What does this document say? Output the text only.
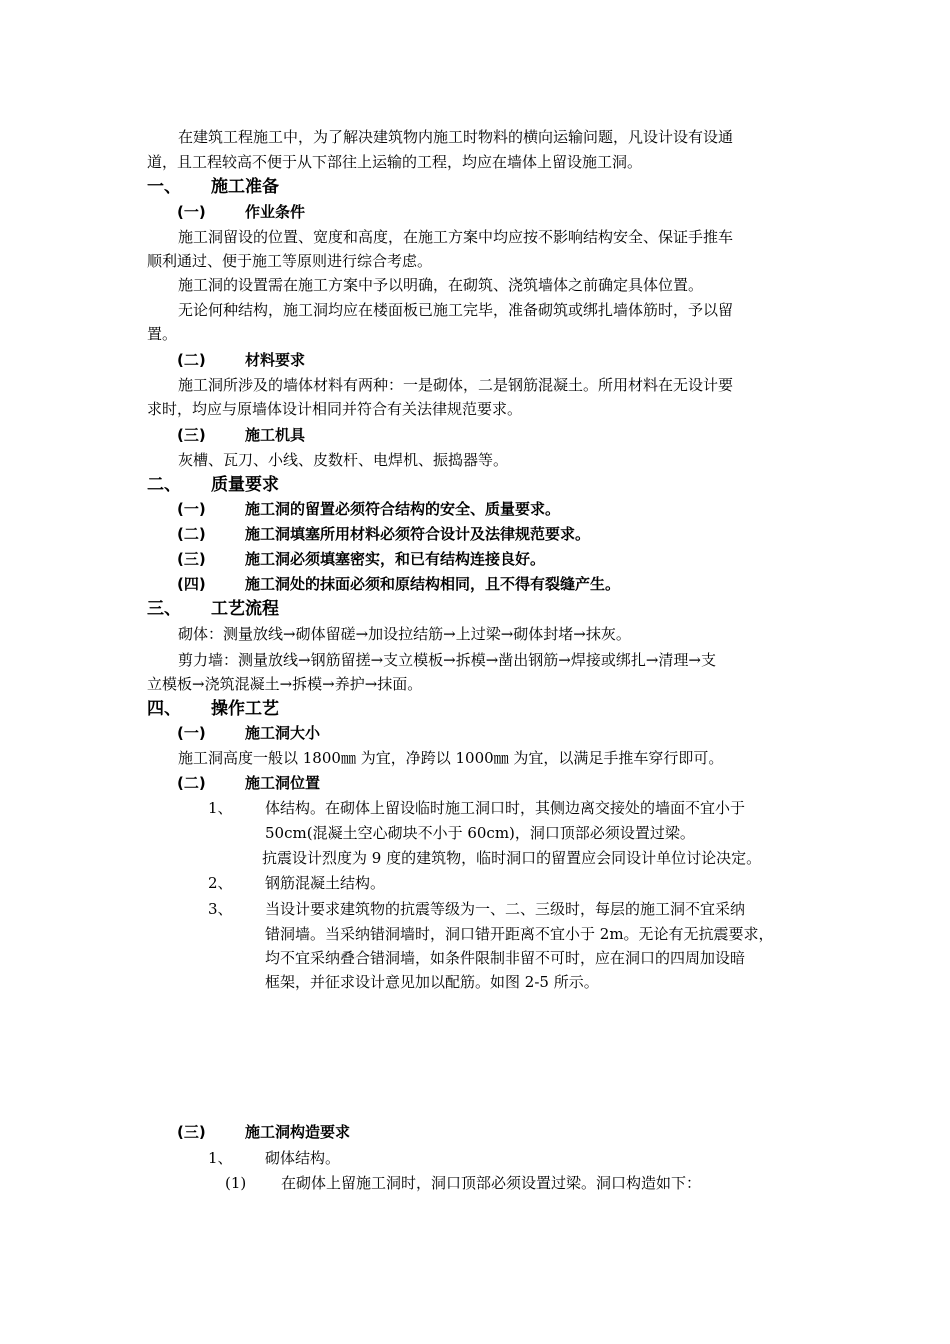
在建筑工程施工中，为了解决建筑物内施工时物料的横向运输问题，凡设计设有设通
道，且工程较高不便于从下部往上运输的工程，均应在墙体上留设施工洞。
一、 施工准备
(一)	作业条件
施工洞留设的位置、宽度和高度，在施工方案中均应按不影响结构安全、保证手推车
顺利通过、便于施工等原则进行综合考虑。
施工洞的设置需在施工方案中予以明确，在砌筑、浇筑墙体之前确定具体位置。
无论何种结构，施工洞均应在楼面板已施工完毕，准备砌筑或绑扎墙体筋时，予以留
置。
(二)	材料要求
施工洞所涉及的墙体材料有两种：一是砌体，二是钢筋混凝土。所用材料在无设计要
求时，均应与原墙体设计相同并符合有关法律规范要求。
(三)	施工机具
灰槽、瓦刀、小线、皮数杆、电焊机、振捣器等。
二、 质量要求
(一)	施工洞的留置必须符合结构的安全、质量要求。
(二)	施工洞填塞所用材料必须符合设计及法律规范要求。
(三)	施工洞必须填塞密实，和已有结构连接良好。
(四)	施工洞处的抹面必须和原结构相同，且不得有裂缝产生。
三、 工艺流程
砌体：测量放线→砌体留磋→加设拉结筋→上过梁→砌体封堵→抹灰。
剪力墙：测量放线→钢筋留搓→支立模板→拆模→凿出钢筋→焊接或绑扎→清理→支
立模板→浇筑混凝土→拆模→养护→抹面。
四、 操作工艺
(一)	施工洞大小
施工洞高度一般以 1800㎜ 为宜，净跨以 1000㎜ 为宜，以满足手推车穿行即可。
(二)	施工洞位置
1、 体结构。在砌体上留设临时施工洞口时，其侧边离交接处的墙面不宜小于
50cm(混凝土空心砌块不小于 60cm)，洞口顶部必须设置过梁。
抗震设计烈度为 9 度的建筑物，临时洞口的留置应会同设计单位讨论决定。
2、 钢筋混凝土结构。
3、 当设计要求建筑物的抗震等级为一、二、三级时，每层的施工洞不宜采纳
错洞墙。当采纳错洞墙时，洞口错开距离不宜小于 2m。无论有无抗震要求，
均不宜采纳叠合错洞墙，如条件限制非留不可时，应在洞口的四周加设暗
框架，并征求设计意见加以配筋。如图 2-5 所示。
(三)	施工洞构造要求
1、 砌体结构。
(1) 在砌体上留施工洞时，洞口顶部必须设置过梁。洞口构造如下：
